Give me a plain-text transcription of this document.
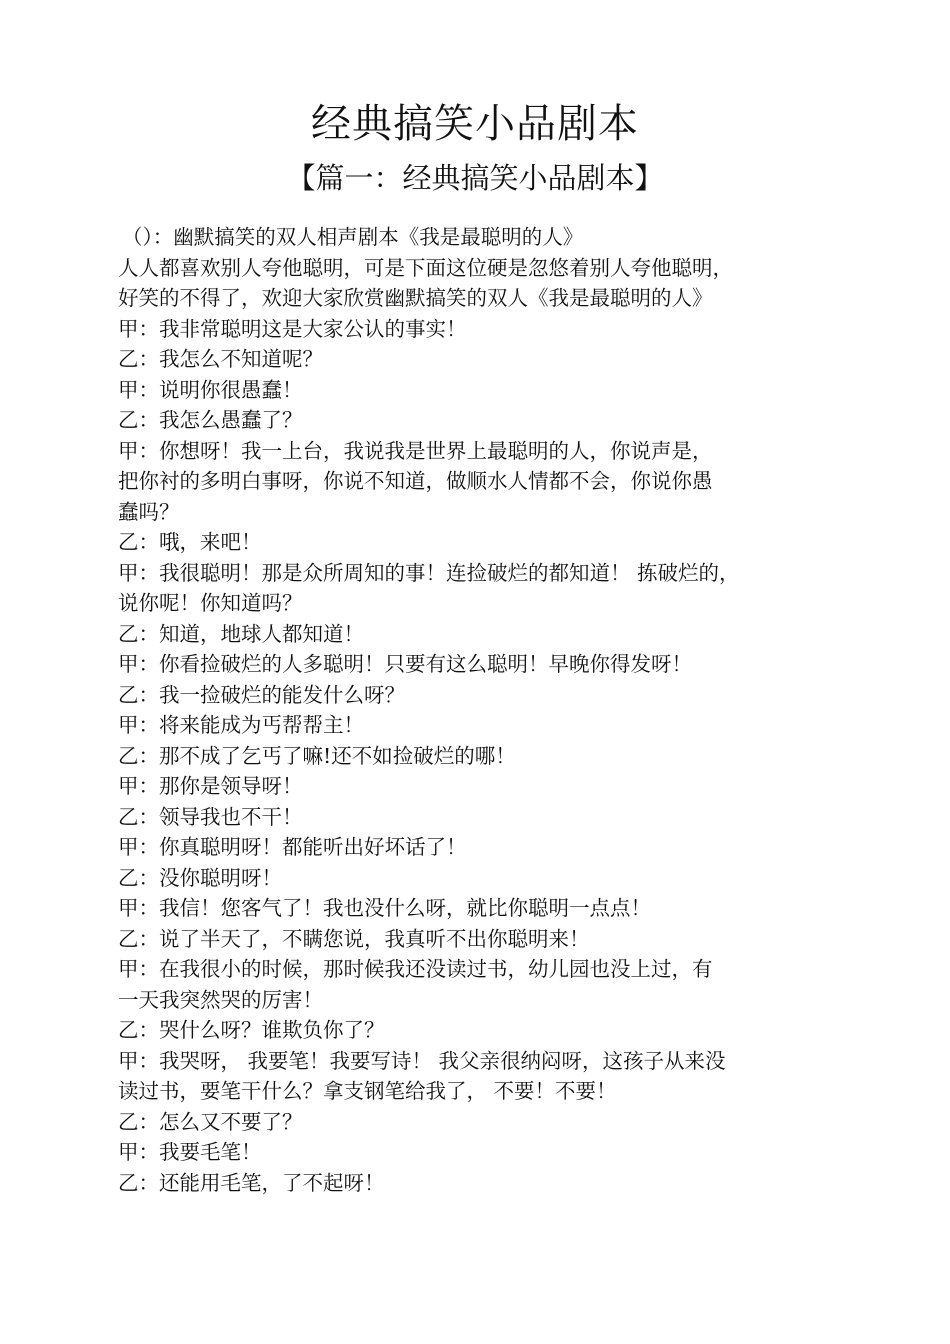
经典搞笑小品剧本
【篇一：经典搞笑小品剧本】
（）：幽默搞笑的双人相声剧本《我是最聪明的人》
人人都喜欢别人夸他聪明，可是下面这位硬是忽悠着别人夸他聪明，
好笑的不得了，欢迎大家欣赏幽默搞笑的双人《我是最聪明的人》
甲：我非常聪明这是大家公认的事实！
乙：我怎么不知道呢？
甲：说明你很愚蠢！
乙：我怎么愚蠢了？
甲：你想呀！我一上台，我说我是世界上最聪明的人，你说声是，
把你衬的多明白事呀，你说不知道，做顺水人情都不会，你说你愚
蠢吗？
乙：哦，来吧！
甲：我很聪明！那是众所周知的事！连捡破烂的都知道！ 拣破烂的，
说你呢！你知道吗？
乙：知道，地球人都知道！
甲：你看捡破烂的人多聪明！只要有这么聪明！早晚你得发呀！
乙：我一捡破烂的能发什么呀？
甲：将来能成为丐帮帮主！
乙：那不成了乞丐了嘛!还不如捡破烂的哪！
甲：那你是领导呀！
乙：领导我也不干！
甲：你真聪明呀！都能听出好坏话了！
乙：没你聪明呀！
甲：我信！您客气了！我也没什么呀，就比你聪明一点点！
乙：说了半天了，不瞒您说，我真听不出你聪明来！
甲：在我很小的时候，那时候我还没读过书，幼儿园也没上过，有
一天我突然哭的厉害！
乙：哭什么呀？谁欺负你了？
甲：我哭呀， 我要笔！我要写诗！ 我父亲很纳闷呀，这孩子从来没
读过书，要笔干什么？拿支钢笔给我了， 不要！不要！
乙：怎么又不要了？
甲：我要毛笔！
乙：还能用毛笔，了不起呀！
